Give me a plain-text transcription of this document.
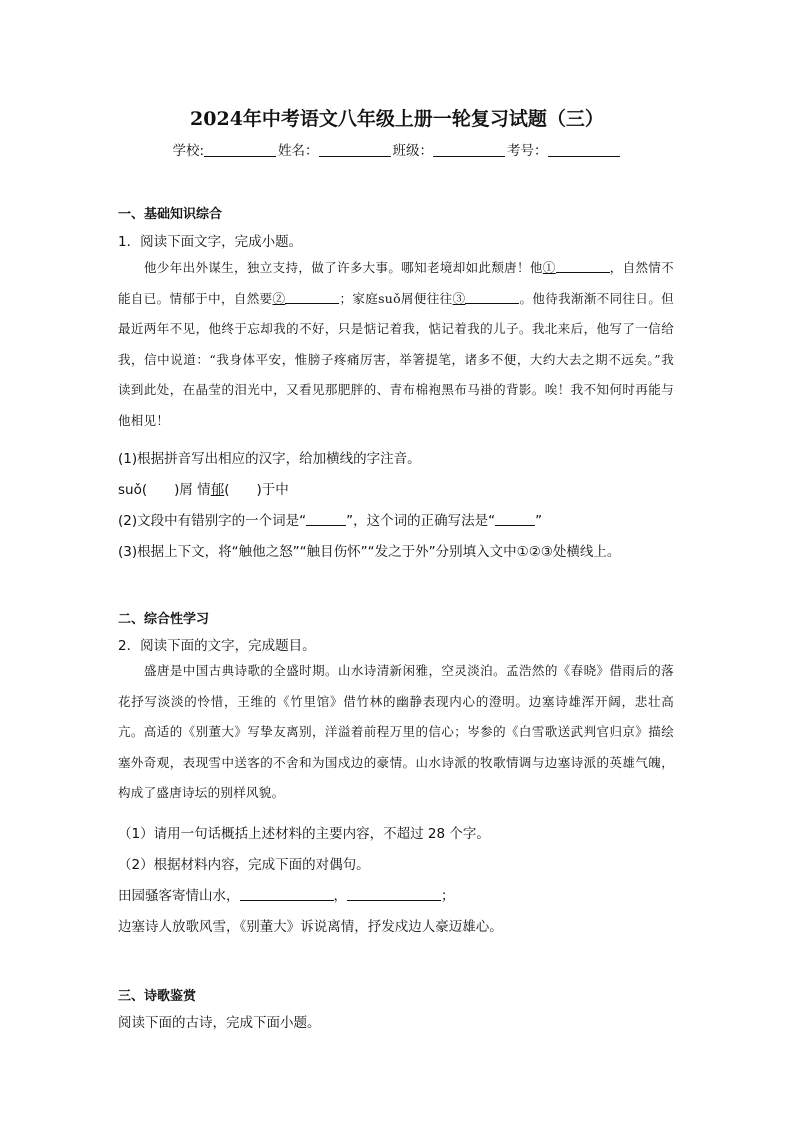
2024年中考语文八年级上册一轮复习试题（三）
学校:	姓名：	班级：	考号：
一、基础知识综合
1．阅读下面文字，完成小题。
他少年出外谋生，独立支持，做了许多大事。哪知老境却如此颓唐！他①	，自然情不能自已。情郁于中，自然要②	；家庭suǒ屑便往往③	。他待我渐渐不同往日。但最近两年不见，他终于忘却我的不好，只是惦记着我，惦记着我的儿子。我北来后，他写了一信给我，信中说道：“我身体平安，惟膀子疼痛厉害，举箸提笔，诸多不便，大约大去之期不远矣。”我读到此处，在晶莹的泪光中，又看见那肥胖的、青布棉袍黑布马褂的背影。唉！我不知何时再能与他相见！
(1)根据拼音写出相应的汉字，给加横线的字注音。
suǒ(　　)屑 情郁(　　)于中
(2)文段中有错别字的一个词是“	”，这个词的正确写法是“	”
(3)根据上下文，将“触他之怒”“触目伤怀”“发之于外”分别填入文中①②③处横线上。
二、综合性学习
2．阅读下面的文字，完成题目。
盛唐是中国古典诗歌的全盛时期。山水诗清新闲雅，空灵淡泊。孟浩然的《春晓》借雨后的落花抒写淡淡的怜惜，王维的《竹里馆》借竹林的幽静表现内心的澄明。边塞诗雄浑开阔，悲壮高亢。高适的《别董大》写挚友离别，洋溢着前程万里的信心；岑参的《白雪歌送武判官归京》描绘塞外奇观，表现雪中送客的不舍和为国戍边的豪情。山水诗派的牧歌情调与边塞诗派的英雄气魄，构成了盛唐诗坛的别样风貌。
（1）请用一句话概括上述材料的主要内容，不超过 28 个字。
（2）根据材料内容，完成下面的对偶句。
田园骚客寄情山水，	，	；
边塞诗人放歌风雪，《别董大》诉说离情，抒发戍边人豪迈雄心。
三、诗歌鉴赏
阅读下面的古诗，完成下面小题。
